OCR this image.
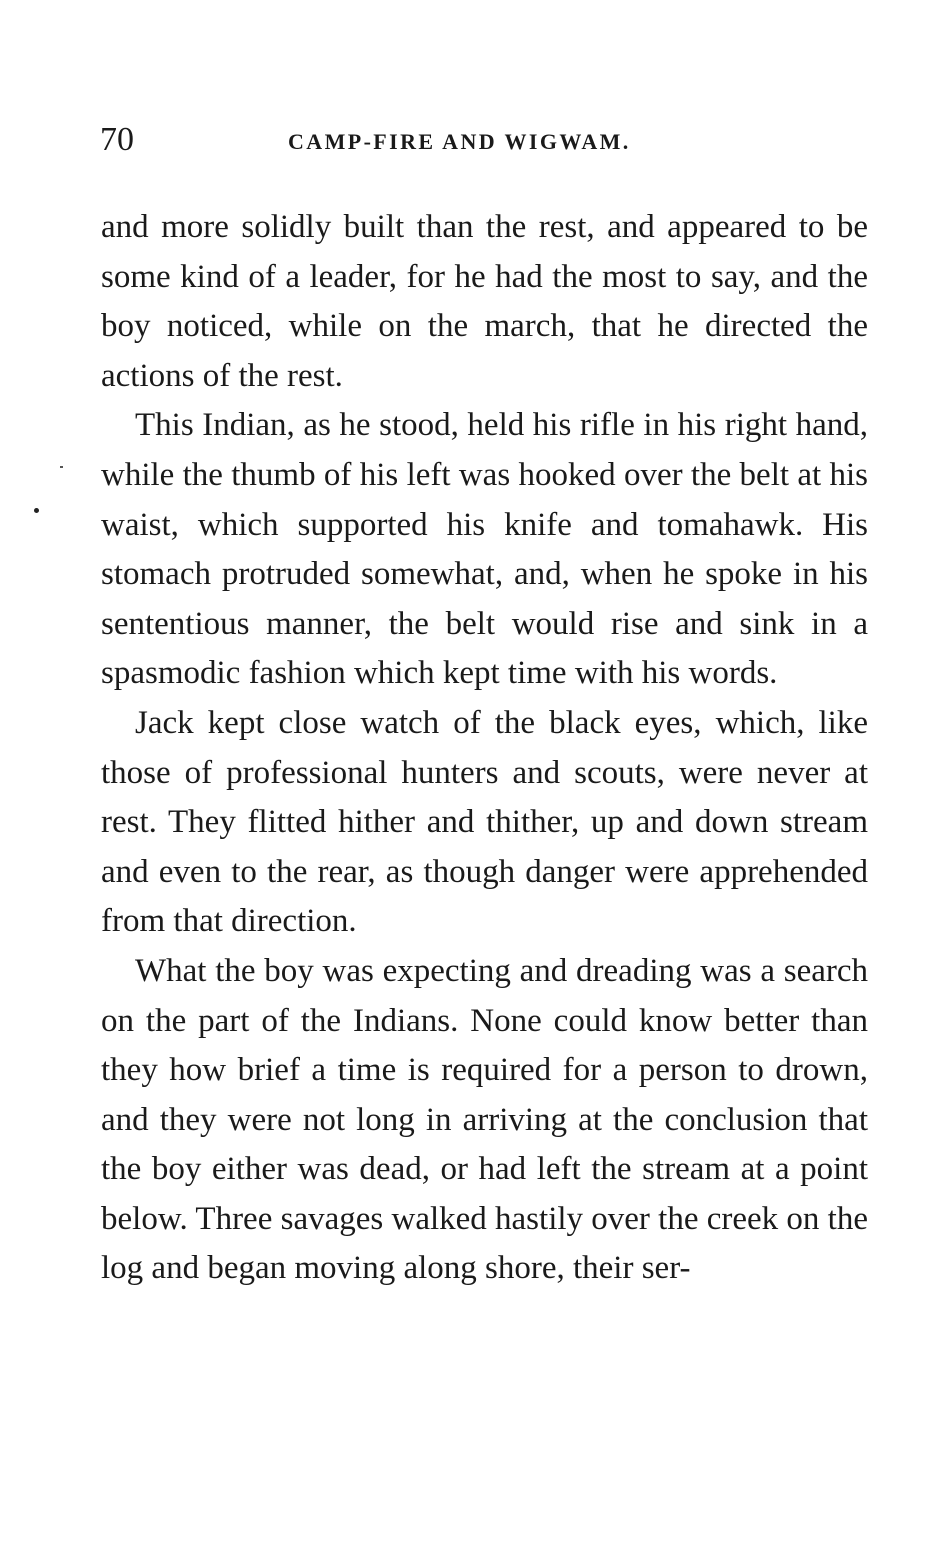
70	CAMP-FIRE AND WIGWAM.

and more solidly built than the rest, and appeared to be some kind of a leader, for he had the most to say, and the boy noticed, while on the march, that he directed the actions of the rest.

This Indian, as he stood, held his rifle in his right hand, while the thumb of his left was hooked over the belt at his waist, which supported his knife and tomahawk. His stomach protruded somewhat, and, when he spoke in his sententious manner, the belt would rise and sink in a spasmodic fashion which kept time with his words.

Jack kept close watch of the black eyes, which, like those of professional hunters and scouts, were never at rest. They flitted hither and thither, up and down stream and even to the rear, as though danger were apprehended from that direction.

What the boy was expecting and dreading was a search on the part of the Indians. None could know better than they how brief a time is required for a person to drown, and they were not long in arriving at the conclusion that the boy either was dead, or had left the stream at a point below. Three savages walked hastily over the creek on the log and began moving along shore, their ser-
